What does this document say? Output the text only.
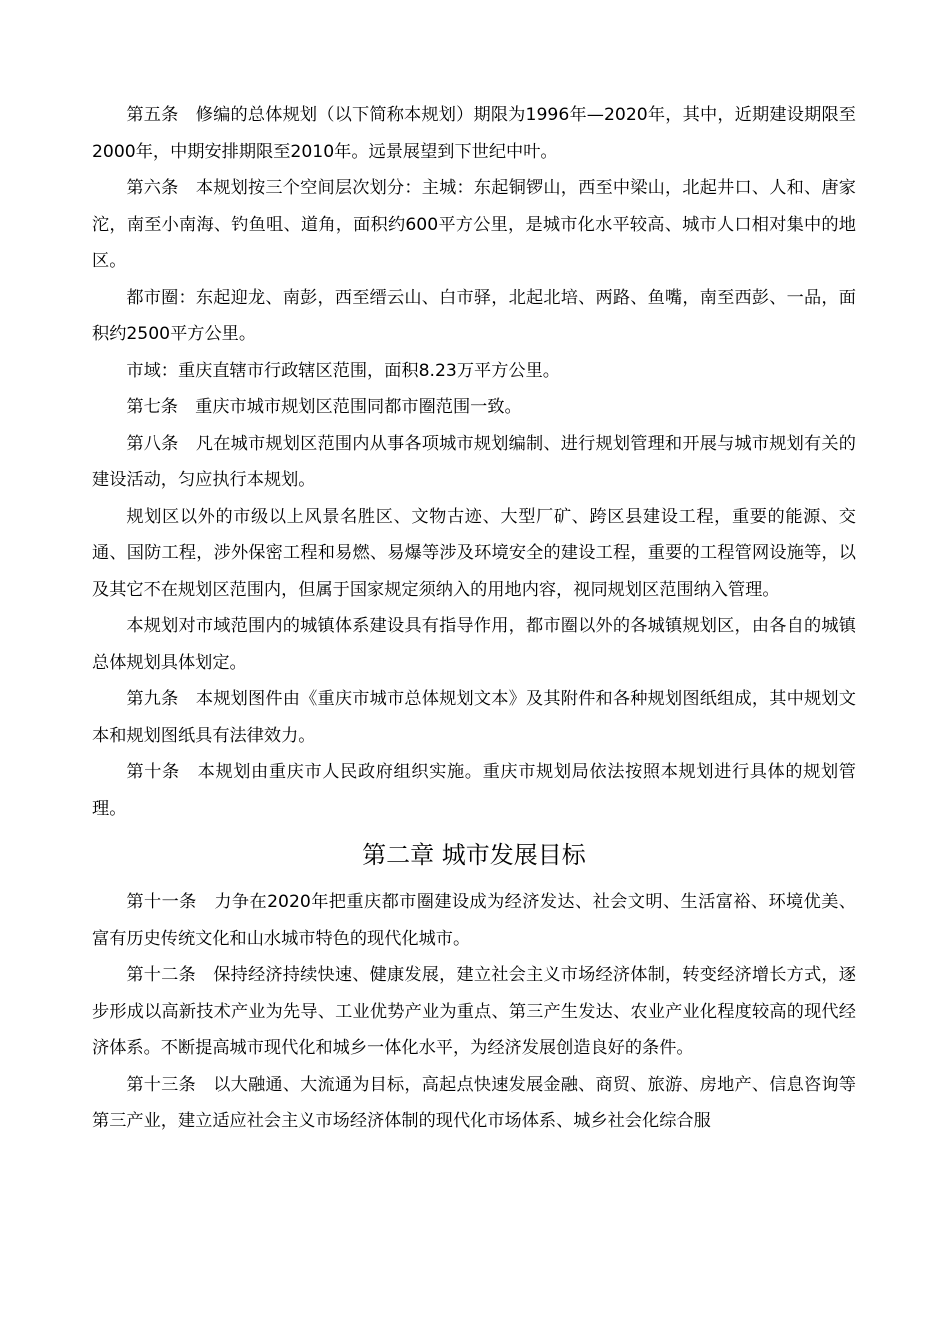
第五条　修编的总体规划（以下简称本规划）期限为1996年—2020年，其中，近期建设期限至2000年，中期安排期限至2010年。远景展望到下世纪中叶。

第六条　本规划按三个空间层次划分：主城：东起铜锣山，西至中梁山，北起井口、人和、唐家沱，南至小南海、钓鱼咀、道角，面积约600平方公里，是城市化水平较高、城市人口相对集中的地区。

都市圈：东起迎龙、南彭，西至缙云山、白市驿，北起北培、两路、鱼嘴，南至西彭、一品，面积约2500平方公里。

市域：重庆直辖市行政辖区范围，面积8.23万平方公里。

第七条　重庆市城市规划区范围同都市圈范围一致。

第八条　凡在城市规划区范围内从事各项城市规划编制、进行规划管理和开展与城市规划有关的建设活动，匀应执行本规划。

规划区以外的市级以上风景名胜区、文物古迹、大型厂矿、跨区县建设工程，重要的能源、交通、国防工程，涉外保密工程和易燃、易爆等涉及环境安全的建设工程，重要的工程管网设施等，以及其它不在规划区范围内，但属于国家规定须纳入的用地内容，视同规划区范围纳入管理。

本规划对市域范围内的城镇体系建设具有指导作用，都市圈以外的各城镇规划区，由各自的城镇总体规划具体划定。

第九条　本规划图件由《重庆市城市总体规划文本》及其附件和各种规划图纸组成，其中规划文本和规划图纸具有法律效力。

第十条　本规划由重庆市人民政府组织实施。重庆市规划局依法按照本规划进行具体的规划管理。

第二章 城市发展目标

第十一条　力争在2020年把重庆都市圈建设成为经济发达、社会文明、生活富裕、环境优美、富有历史传统文化和山水城市特色的现代化城市。

第十二条　保持经济持续快速、健康发展，建立社会主义市场经济体制，转变经济增长方式，逐步形成以高新技术产业为先导、工业优势产业为重点、第三产生发达、农业产业化程度较高的现代经济体系。不断提高城市现代化和城乡一体化水平，为经济发展创造良好的条件。

第十三条　以大融通、大流通为目标，高起点快速发展金融、商贸、旅游、房地产、信息咨询等第三产业，建立适应社会主义市场经济体制的现代化市场体系、城乡社会化综合服
